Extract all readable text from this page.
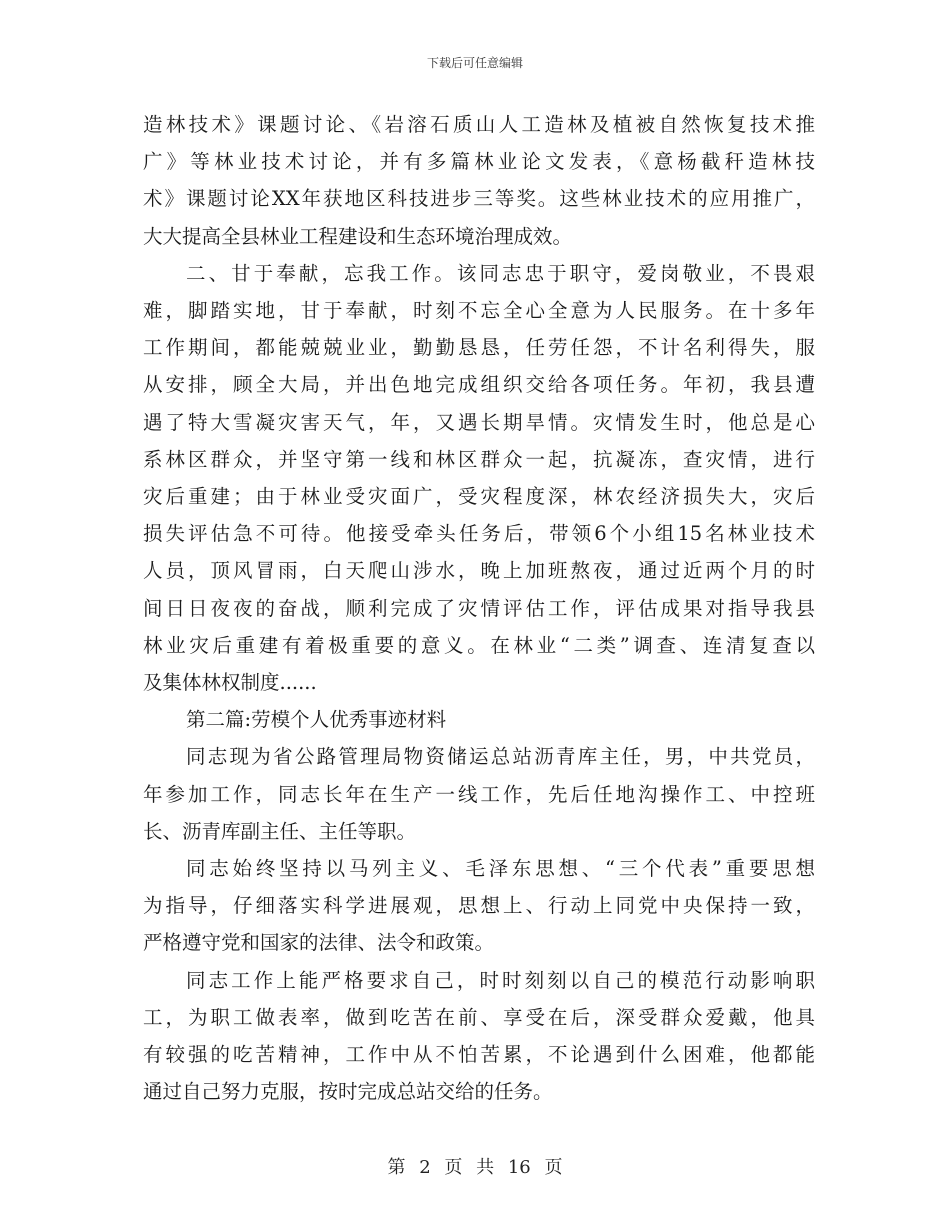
下载后可任意编辑

造林技术》课题讨论、《岩溶石质山人工造林及植被自然恢复技术推
广》等林业技术讨论，并有多篇林业论文发表，《意杨截秆造林技
术》课题讨论XX年获地区科技进步三等奖。这些林业技术的应用推广，
大大提高全县林业工程建设和生态环境治理成效。

二、甘于奉献，忘我工作。该同志忠于职守，爱岗敬业，不畏艰
难，脚踏实地，甘于奉献，时刻不忘全心全意为人民服务。在十多年
工作期间，都能兢兢业业，勤勤恳恳，任劳任怨，不计名利得失，服
从安排，顾全大局，并出色地完成组织交给各项任务。年初，我县遭
遇了特大雪凝灾害天气，年，又遇长期旱情。灾情发生时，他总是心
系林区群众，并坚守第一线和林区群众一起，抗凝冻，查灾情，进行
灾后重建；由于林业受灾面广，受灾程度深，林农经济损失大，灾后
损失评估急不可待。他接受牵头任务后，带领6个小组15名林业技术
人员，顶风冒雨，白天爬山涉水，晚上加班熬夜，通过近两个月的时
间日日夜夜的奋战，顺利完成了灾情评估工作，评估成果对指导我县
林业灾后重建有着极重要的意义。在林业“二类”调查、连清复查以
及集体林权制度......

第二篇:劳模个人优秀事迹材料

同志现为省公路管理局物资储运总站沥青库主任，男，中共党员，
年参加工作，同志长年在生产一线工作，先后任地沟操作工、中控班
长、沥青库副主任、主任等职。

同志始终坚持以马列主义、毛泽东思想、“三个代表”重要思想
为指导，仔细落实科学进展观，思想上、行动上同党中央保持一致，
严格遵守党和国家的法律、法令和政策。

同志工作上能严格要求自己，时时刻刻以自己的模范行动影响职
工，为职工做表率，做到吃苦在前、享受在后，深受群众爱戴，他具
有较强的吃苦精神，工作中从不怕苦累，不论遇到什么困难，他都能
通过自己努力克服，按时完成总站交给的任务。

第 2 页 共 16 页
